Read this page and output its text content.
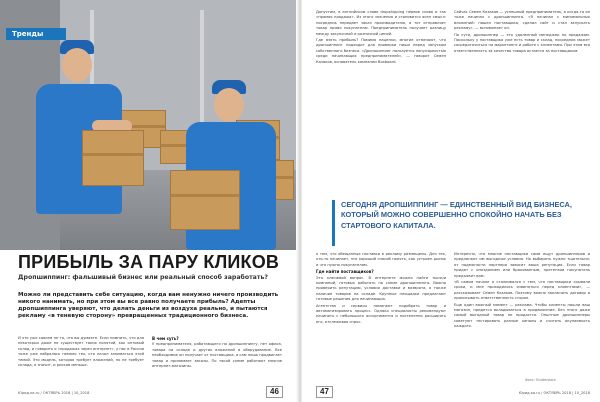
Тренды
ПРИБЫЛЬ ЗА ПАРУ КЛИКОВ
Дропшиппинг: фальшивый бизнес или реальный способ заработать?
Можно ли представить себе ситуацию, когда вам ненужно ничего производить никого нанимать, но при этом вы все равно получаете прибыль? Адепты дропшиппинга уверяют, что делать деньги из воздуха реально, и пытаются рекламу «в теневую сторону» превращенных традиционного бизнеса.

И это уже совсем не то, что вы думаете. Если помнить, что для некоторых даже не существует таких понятий, как оптовый склад, и говорить о «продажах через интернет», у нас в России тоже уже набралось немало тех, кто начал заниматься этой темой. Это модель, которая требует вложений, но не требует склада, а значит, и рисков меньше.

В чем суть?

У предпринимателя, работающего по дропшиппингу, нет офиса, товара на складе и других вложений в оборудование. Все необходимое он получает от поставщика, а сам лишь продвигает товар и принимает заказы. По такой схеме работают многие интернет-магазины.

Юрид.ка.ru / ОКТЯБРЬ 2018 | 10_2018	46

Допустим, в английском слове dropshipping первое слово и так «прямая продажа». Из этого значения и становится ясен смысл: посредник передает заказ производителю, а тот отправляет товар прямо покупателю. Предприниматель получает разницу между закупочной и розничной ценой.

Где взять прибыль? Помимо наценки, многие отмечают, что дропшиппинг подходит для проверки ниши перед запуском собственного бизнеса. «Дропшиппинг пользуется популярностью среди начинающих предпринимателей», — говорит Семен Казаков, основатель компании Boxboard.

Сейчас Семен Казаков — успешный предприниматель, а когда-то он тоже начинал с дропшиппинга. «Я начинал с минимальных вложений: нашел поставщика, сделал сайт и стал запускать рекламу», — вспоминает он.

По сути, дропшиппер — это удаленный менеджер по продажам. Поскольку у поставщика уже есть товар и склад, посредник может сосредоточиться на маркетинге и работе с клиентами. При этом вся ответственность за качество товара остается за поставщиком.

СЕГОДНЯ ДРОПШИППИНГ — ЕДИНСТВЕННЫЙ ВИД БИЗНЕСА, КОТОРЫЙ МОЖНО СОВЕРШЕННО СПОКОЙНО НАЧАТЬ БЕЗ СТАРТОВОГО КАПИТАЛА.

к тем, что обещанные поставки в рекламу размещены. Для тех, кто-то начинает, это хороший способ понять, как устроен рынок и что нужно покупателям.

Где найти поставщиков?

Это ключевой вопрос. В интернете можно найти тысячи компаний, готовых работать по схеме дропшиппинга. Важно проверить репутацию, условия доставки и возврата, а также наличие товаров на складе. Крупные площадки предлагают готовые решения для начинающих.

Агентства и сервисы помогают подобрать товар и автоматизировать процесс. Однако специалисты рекомендуют начинать с небольшого ассортимента и постепенно расширять его, отслеживая спрос.

Интересно, что многие поставщики сами ищут дропшипперов и предлагают им выгодные условия. Но выбирать нужно тщательно: от надежности партнера зависит ваша репутация. Если товар придет с опозданием или бракованным, претензии покупатель предъявит вам.

«В самом начале я сталкивался с тем, что поставщики срывали сроки, и мне приходилось извиняться перед клиентами», — рассказывает Семен Казаков. Поэтому важно заключать договор и прописывать ответственность сторон.

Еще один важный момент — реклама. Чтобы клиенты нашли ваш магазин, придется вкладываться в продвижение. Без этого даже самый выгодный товар не продастся. Опытные дропшипперы советуют тестировать разные каналы и считать окупаемость каждого.

Фото: Shutterstock
47	Юрид.ка.ru / ОКТЯБРЬ 2018 | 10_2018
